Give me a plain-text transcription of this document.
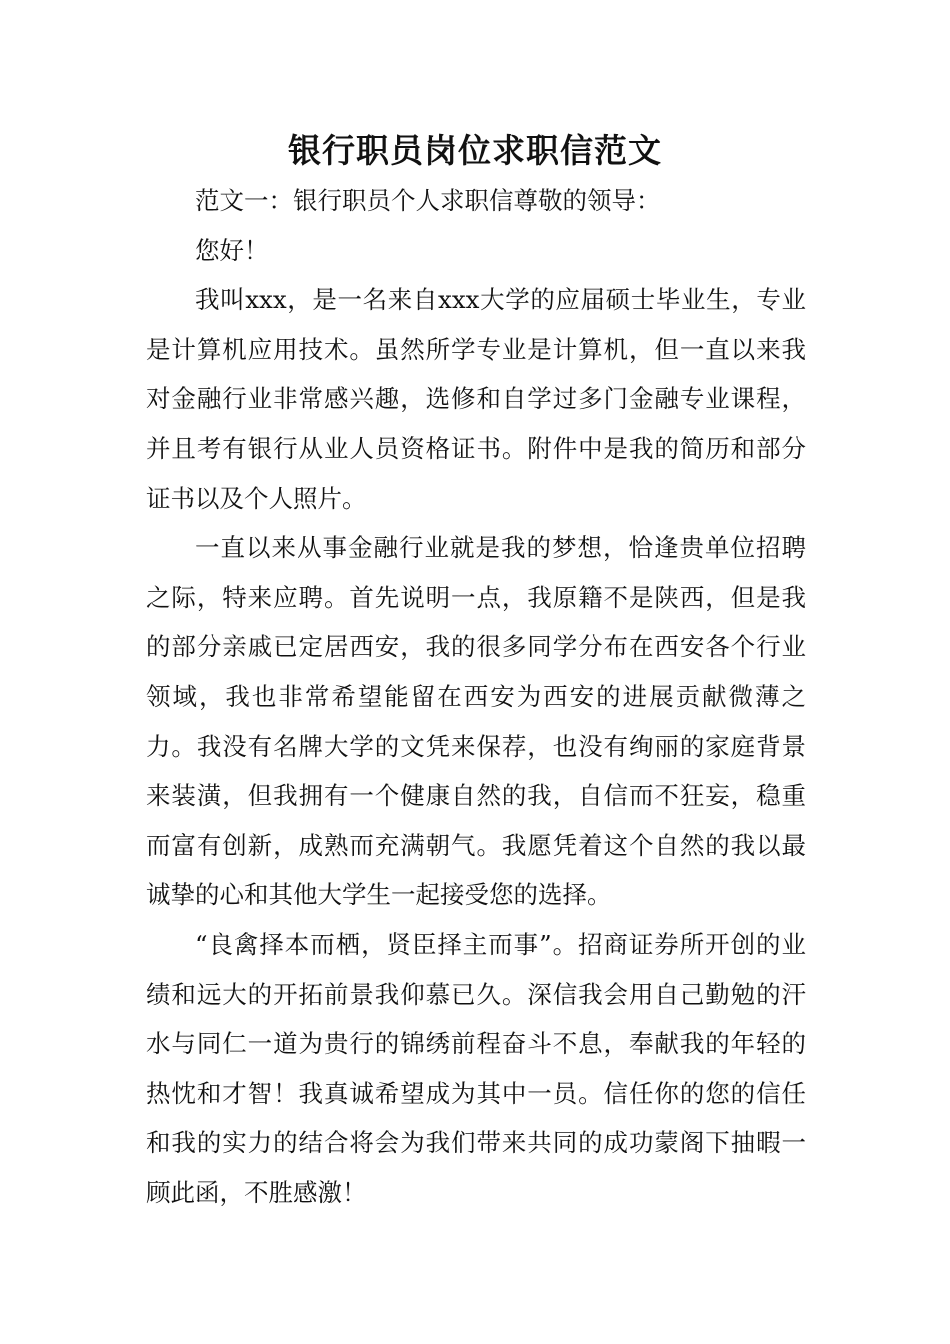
银行职员岗位求职信范文

范文一：银行职员个人求职信尊敬的领导：

您好！

我叫xxx，是一名来自xxx大学的应届硕士毕业生，专业是计算机应用技术。虽然所学专业是计算机，但一直以来我对金融行业非常感兴趣，选修和自学过多门金融专业课程，并且考有银行从业人员资格证书。附件中是我的简历和部分证书以及个人照片。

一直以来从事金融行业就是我的梦想，恰逢贵单位招聘之际，特来应聘。首先说明一点，我原籍不是陕西，但是我的部分亲戚已定居西安，我的很多同学分布在西安各个行业领域，我也非常希望能留在西安为西安的进展贡献微薄之力。我没有名牌大学的文凭来保荐，也没有绚丽的家庭背景来装潢，但我拥有一个健康自然的我，自信而不狂妄，稳重而富有创新，成熟而充满朝气。我愿凭着这个自然的我以最诚挚的心和其他大学生一起接受您的选择。

“良禽择本而栖，贤臣择主而事”。招商证券所开创的业绩和远大的开拓前景我仰慕已久。深信我会用自己勤勉的汗水与同仁一道为贵行的锦绣前程奋斗不息，奉献我的年轻的热忱和才智！我真诚希望成为其中一员。信任你的您的信任和我的实力的结合将会为我们带来共同的成功蒙阁下抽暇一顾此函，不胜感激！
